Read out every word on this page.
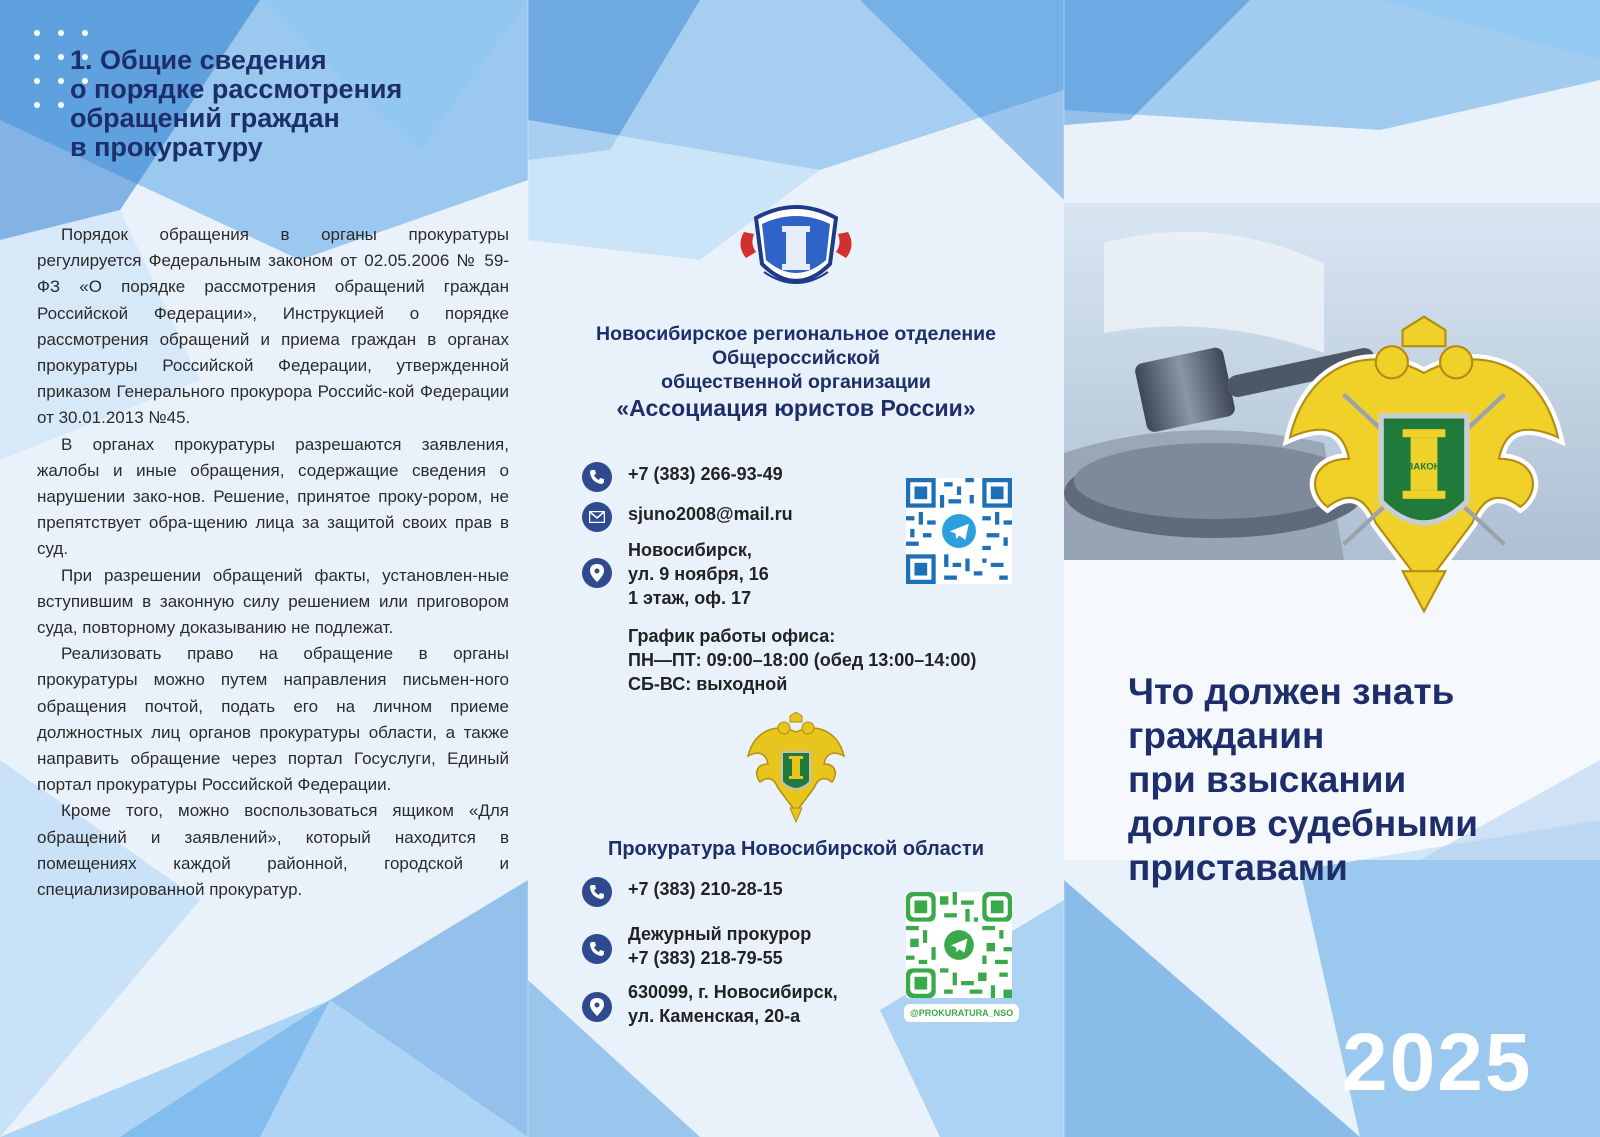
1. Общие сведения
о порядке рассмотрения
обращений граждан
в прокуратуру

Порядок обращения в органы прокуратуры регулируется Федеральным законом от 02.05.2006 № 59-ФЗ «О порядке рассмотрения обращений граждан Российской Федерации», Инструкцией о порядке рассмотрения обращений и приема граждан в органах прокуратуры Российской Федерации, утвержденной приказом Генерального прокурора Российс-кой Федерации от 30.01.2013 №45.

В органах прокуратуры разрешаются заявления, жалобы и иные обращения, содержащие сведения о нарушении зако-нов. Решение, принятое проку-рором, не препятствует обра-щению лица за защитой своих прав в суд.

При разрешении обращений факты, установлен-ные вступившим в законную силу решением или приговором суда, повторному доказыванию не подлежат.

Реализовать право на обращение в органы прокуратуры можно путем направления письмен-ного обращения почтой, подать его на личном приеме должностных лиц органов прокуратуры области, а также направить обращение через портал Госуслуги, Единый портал прокуратуры Российской Федерации.

Кроме того, можно воспользоваться ящиком «Для обращений и заявлений», который находится в помещениях каждой районной, городской и специализированной прокуратур.

Новосибирское региональное отделение
Общероссийской
общественной организации
«Ассоциация юристов России»
+7 (383) 266-93-49
sjuno2008@mail.ru
Новосибирск,
ул. 9 ноября, 16
1 этаж, оф. 17
График работы офиса:
ПН—ПТ: 09:00–18:00 (обед 13:00–14:00)
СБ-ВС: выходной
Прокуратура Новосибирской области
+7 (383) 210-28-15
Дежурный прокурор
+7 (383) 218-79-55
630099, г. Новосибирск,
ул. Каменская, 20-а	@PROKURATURA_NSO
ЗАКОН
Что должен знать
гражданин
при взыскании
долгов судебными
приставами
2025
